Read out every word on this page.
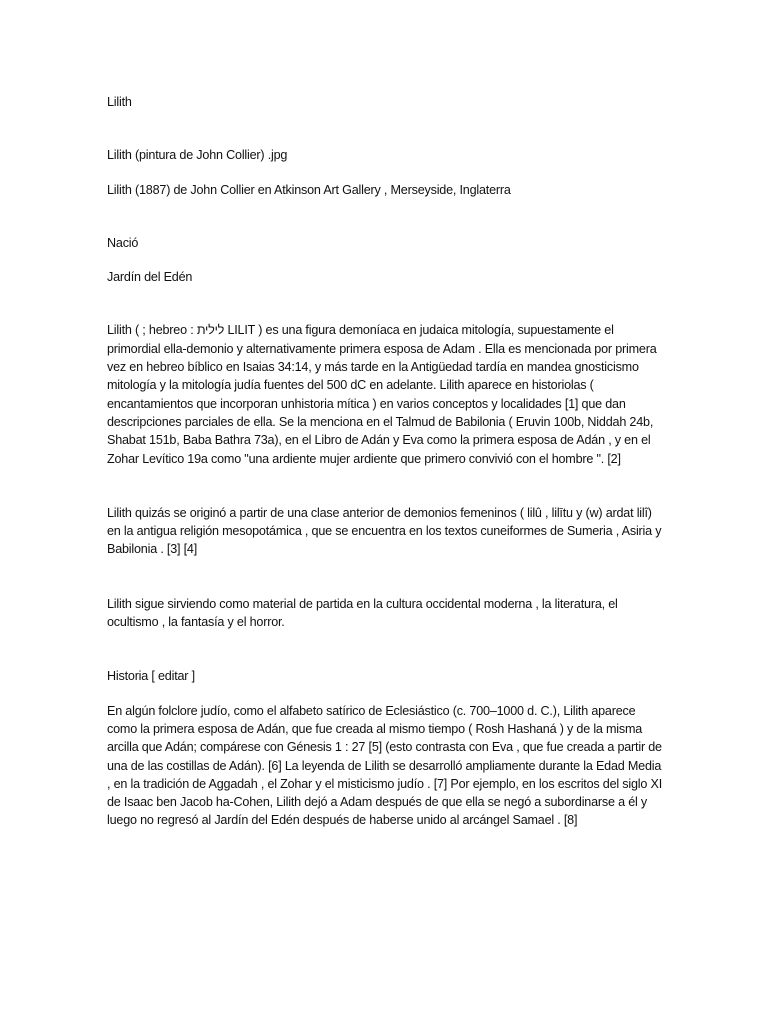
Lilith

Lilith (pintura de John Collier) .jpg

Lilith (1887) de John Collier en Atkinson Art Gallery , Merseyside, Inglaterra

Nació

Jardín del Edén

Lilith ( ; hebreo : לילית LILIT ) es una figura demoníaca en judaica mitología, supuestamente el primordial ella-demonio y alternativamente primera esposa de Adam . Ella es mencionada por primera vez en hebreo bíblico en Isaias 34:14, y más tarde en la Antigüedad tardía en mandea gnosticismo mitología y la mitología judía fuentes del 500 dC en adelante. Lilith aparece en historiolas ( encantamientos que incorporan unhistoria mítica ) en varios conceptos y localidades [1] que dan descripciones parciales de ella. Se la menciona en el Talmud de Babilonia ( Eruvin 100b, Niddah 24b, Shabat 151b, Baba Bathra 73a), en el Libro de Adán y Eva como la primera esposa de Adán , y en el Zohar Levítico 19a como "una ardiente mujer ardiente que primero convivió con el hombre ". [2]

Lilith quizás se originó a partir de una clase anterior de demonios femeninos ( lilû , lilītu y (w) ardat lilî) en la antigua religión mesopotámica , que se encuentra en los textos cuneiformes de Sumeria , Asiria y Babilonia . [3] [4]

Lilith sigue sirviendo como material de partida en la cultura occidental moderna , la literatura, el ocultismo , la fantasía y el horror.

Historia [ editar ]

En algún folclore judío, como el alfabeto satírico de Eclesiástico (c. 700–1000 d. C.), Lilith aparece como la primera esposa de Adán, que fue creada al mismo tiempo ( Rosh Hashaná ) y de la misma arcilla que Adán; compárese con Génesis 1 : 27 [5] (esto contrasta con Eva , que fue creada a partir de una de las costillas de Adán). [6] La leyenda de Lilith se desarrolló ampliamente durante la Edad Media , en la tradición de Aggadah , el Zohar y el misticismo judío . [7] Por ejemplo, en los escritos del siglo XI de Isaac ben Jacob ha-Cohen, Lilith dejó a Adam después de que ella se negó a subordinarse a él y luego no regresó al Jardín del Edén después de haberse unido al arcángel Samael . [8]
